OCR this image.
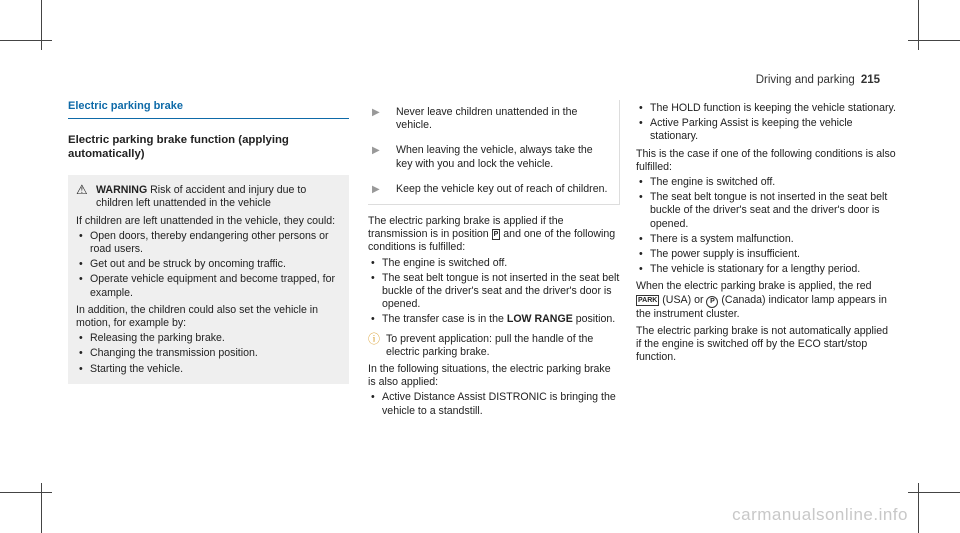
Driving and parking 215
Electric parking brake
Electric parking brake function (applying automatically)
⚠ WARNING Risk of accident and injury due to children left unattended in the vehicle

If children are left unattended in the vehicle, they could:

• Open doors, thereby endangering other persons or road users.
• Get out and be struck by oncoming traffic.
• Operate vehicle equipment and become trapped, for example.

In addition, the children could also set the vehicle in motion, for example by:

• Releasing the parking brake.
• Changing the transmission position.
• Starting the vehicle.
▶	Never leave children unattended in the vehicle.
▶	When leaving the vehicle, always take the key with you and lock the vehicle.
▶	Keep the vehicle key out of reach of children.

The electric parking brake is applied if the transmission is in position P and one of the following conditions is fulfilled:

• The engine is switched off.
• The seat belt tongue is not inserted in the seat belt buckle of the driver's seat and the driver's door is opened.
• The transfer case is in the LOW RANGE position.
ⓘ To prevent application: pull the handle of the electric parking brake.

In the following situations, the electric parking brake is also applied:

• Active Distance Assist DISTRONIC is bringing the vehicle to a standstill.
• The HOLD function is keeping the vehicle stationary.
• Active Parking Assist is keeping the vehicle stationary.

This is the case if one of the following conditions is also fulfilled:

• The engine is switched off.
• The seat belt tongue is not inserted in the seat belt buckle of the driver's seat and the driver's door is opened.
• There is a system malfunction.
• The power supply is insufficient.
• The vehicle is stationary for a lengthy period.

When the electric parking brake is applied, the red PARK (USA) or P (Canada) indicator lamp appears in the instrument cluster.

The electric parking brake is not automatically applied if the engine is switched off by the ECO start/stop function.

carmanualsonline.info
